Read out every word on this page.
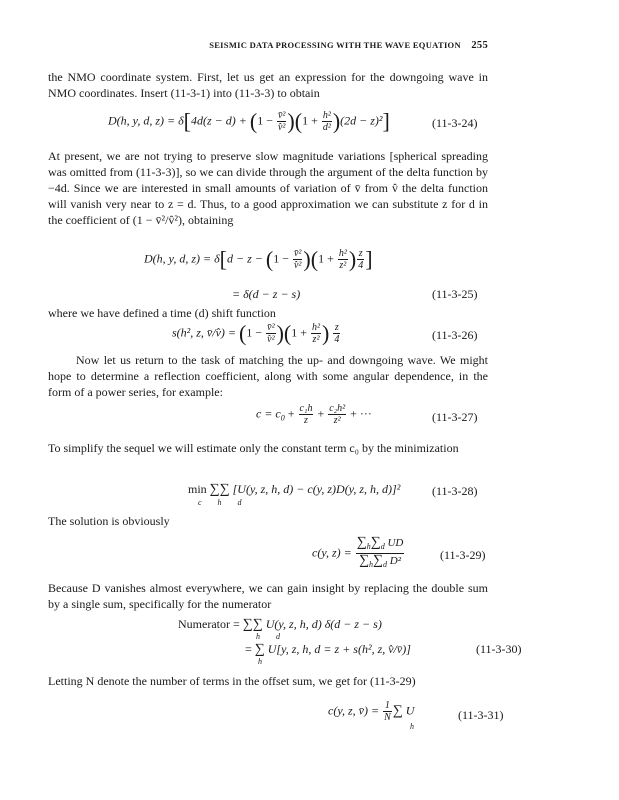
SEISMIC DATA PROCESSING WITH THE WAVE EQUATION 255
the NMO coordinate system. First, let us get an expression for the downgoing wave in NMO coordinates. Insert (11-3-1) into (11-3-3) to obtain
D(h, y, d, $z) = \delta[4d(z - d) + (1 - \frac{\text{v̄²}}{\text{v̂²}} )(1 + \frac{\text{h²}}{\text{d²}} )(2d - z)^2]$	(11-3-24)
At present, we are not trying to preserve slow magnitude variations [spherical spreading was omitted from (11-3-3)], so we can divide through the argument of the delta function by −4d. Since we are interested in small amounts of variation of v̄ from v̂ the delta function will vanish very near to z = d. Thus, to a good approximation we can substitute z for d in the coefficient of (1 − v̄²/v̂²), obtaining
D(h, y, d, $z) = \delta[d - z - (1 - \frac{\text{v̄²}}{\text{v̂²}} )(1 + \frac{\text{h²}}{\text{z²}}$ ) $\frac{z}{4}$ ]
= δ(d − z − s)	(11-3-25)
where we have defined a time (d) shift function
s(h², z, v̄/v̂) = $(1 - \frac{\text{v̄²}}{\text{v̂²}} )(1 + \frac{\text{h²}}{\text{z²}}$ ) $\frac{z}{4}$	(11-3-26)
Now let us return to the task of matching the up- and downgoing wave. We might hope to determine a reflection coefficient, along with some angular dependence, in the form of a power series, for example:
$c = c_0 + \frac{\text{c₁h}}{z} + \frac{\text{c₂h²}}{\text{z²}}$ + ···	(11-3-27)
To simplify the sequel we will estimate only the constant term c₀ by the minimization
min ∑∑ [U(y, z, h, d) − c(y, z)D(y, z, h, d)]²
c h d
(11-3-28)
The solution is obviously
c(y, $z) = \frac{\sum_h\sum_d UD}{\sum_h\sum_d D^2}$	(11-3-29)
Because D vanishes almost everywhere, we can gain insight by replacing the double sum by a single sum, specifically for the numerator
Numerator = ∑∑ U(y, z, h, d) δ(d − z − s)
h d
= ∑ U[y, z, h, d = z + s(h², z, v̂/v̄)]
h
(11-3-30)
Letting N denote the number of terms in the offset sum, we get for (11-3-29)
c(y, z, v̄) = $\frac{1}{N}$ ∑ U
h
(11-3-31)
